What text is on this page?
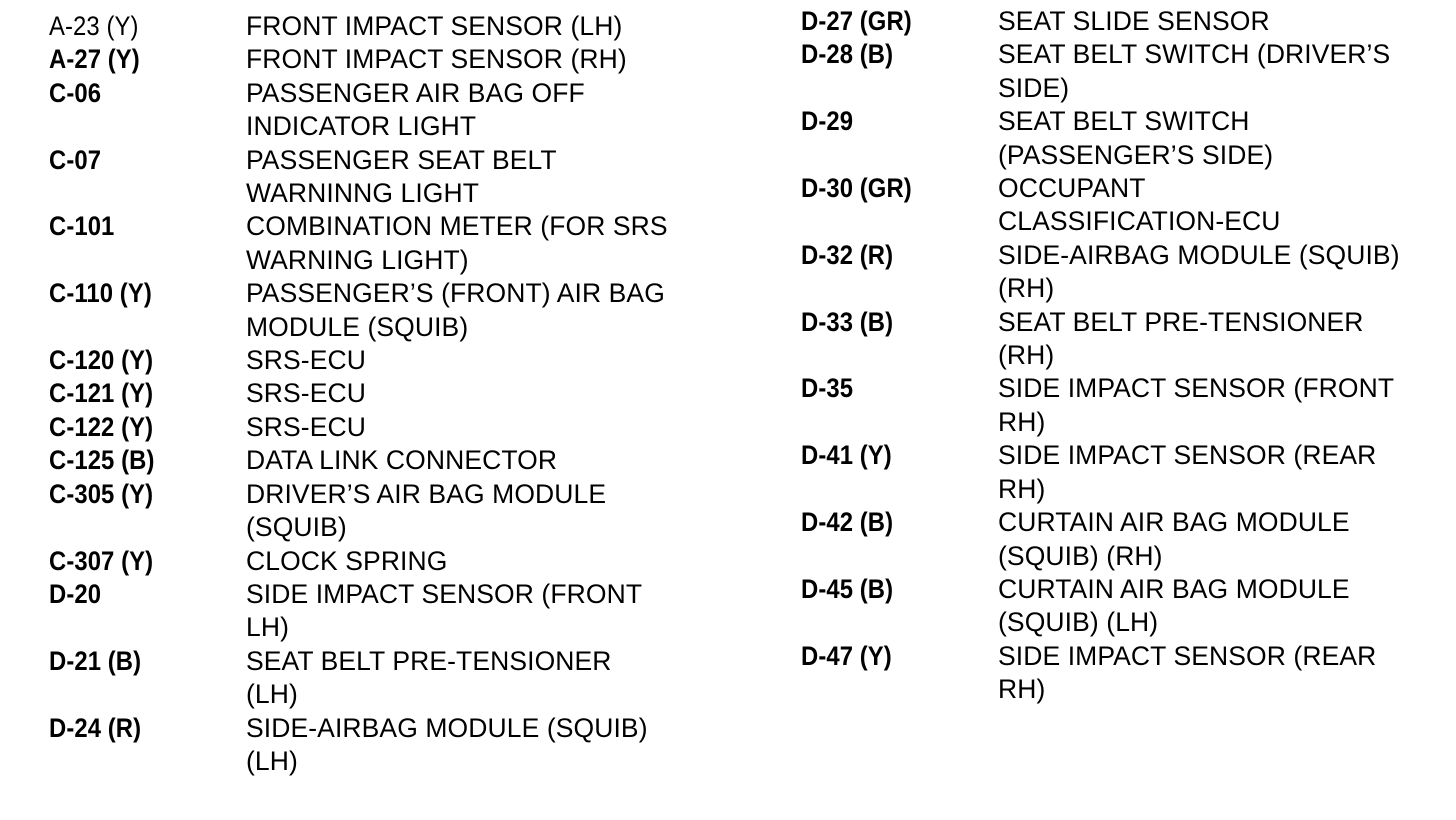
A-23 (Y)	FRONT IMPACT SENSOR (LH)
A-27 (Y)	FRONT IMPACT SENSOR (RH)
C-06	PASSENGER AIR BAG OFF
INDICATOR LIGHT
C-07	PASSENGER SEAT BELT
WARNINNG LIGHT
C-101	COMBINATION METER (FOR SRS
WARNING LIGHT)
C-110 (Y)	PASSENGER’S (FRONT) AIR BAG
MODULE (SQUIB)
C-120 (Y)	SRS-ECU
C-121 (Y)	SRS-ECU
C-122 (Y)	SRS-ECU
C-125 (B)	DATA LINK CONNECTOR
C-305 (Y)	DRIVER’S AIR BAG MODULE
(SQUIB)
C-307 (Y)	CLOCK SPRING
D-20	SIDE IMPACT SENSOR (FRONT
LH)
D-21 (B)	SEAT BELT PRE-TENSIONER
(LH)
D-24 (R)	SIDE-AIRBAG MODULE (SQUIB)
(LH)
D-27 (GR)	SEAT SLIDE SENSOR
D-28 (B)	SEAT BELT SWITCH (DRIVER’S
SIDE)
D-29	SEAT BELT SWITCH
(PASSENGER’S SIDE)
D-30 (GR)	OCCUPANT
CLASSIFICATION-ECU
D-32 (R)	SIDE-AIRBAG MODULE (SQUIB)
(RH)
D-33 (B)	SEAT BELT PRE-TENSIONER
(RH)
D-35	SIDE IMPACT SENSOR (FRONT
RH)
D-41 (Y)	SIDE IMPACT SENSOR (REAR
RH)
D-42 (B)	CURTAIN AIR BAG MODULE
(SQUIB) (RH)
D-45 (B)	CURTAIN AIR BAG MODULE
(SQUIB) (LH)
D-47 (Y)	SIDE IMPACT SENSOR (REAR
RH)
